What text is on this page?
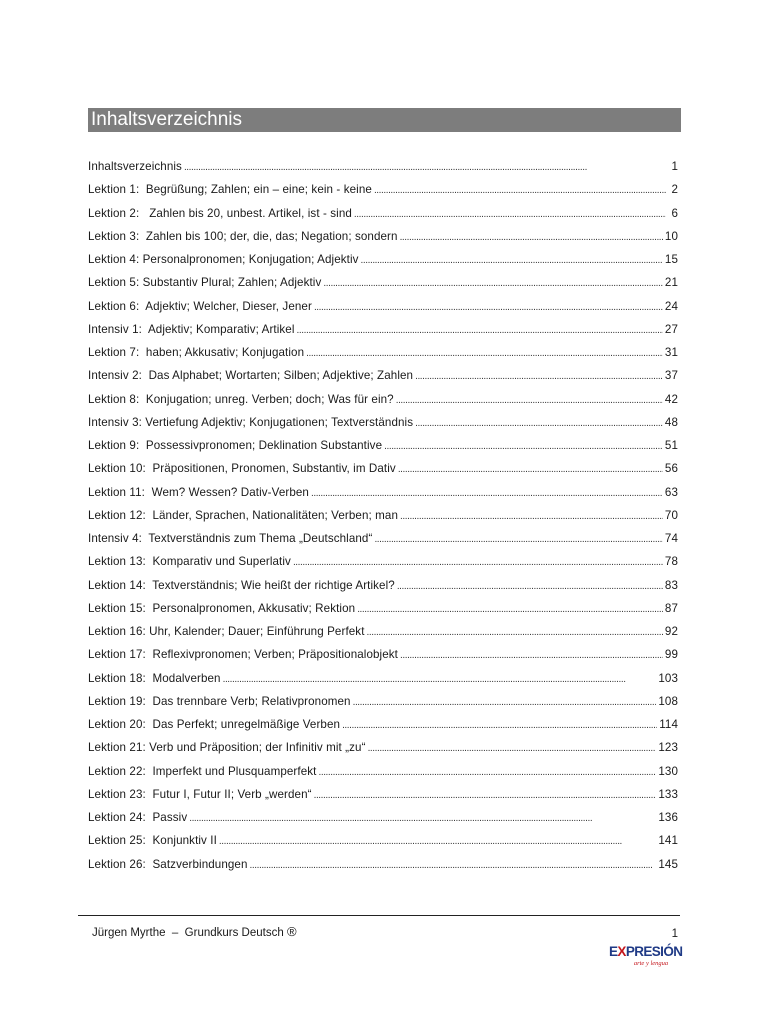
Inhaltsverzeichnis
Inhaltsverzeichnis . . .	1
Lektion 1:  Begrüßung; Zahlen; ein – eine; kein - keine . . .	2
Lektion 2:   Zahlen bis 20, unbest. Artikel, ist - sind . . .	6
Lektion 3:  Zahlen bis 100; der, die, das; Negation; sondern . . .	10
Lektion 4: Personalpronomen; Konjugation; Adjektiv . . .	15
Lektion 5: Substantiv Plural; Zahlen; Adjektiv . . .	21
Lektion 6:  Adjektiv; Welcher, Dieser, Jener . . .	24
Intensiv 1:  Adjektiv; Komparativ; Artikel . . .	27
Lektion 7:  haben; Akkusativ; Konjugation . . .	31
Intensiv 2:  Das Alphabet; Wortarten; Silben; Adjektive; Zahlen . . .	37
Lektion 8:  Konjugation; unreg. Verben; doch; Was für ein? . . .	42
Intensiv 3: Vertiefung Adjektiv; Konjugationen; Textverständnis . . .	48
Lektion 9:  Possessivpronomen; Deklination Substantive . . .	51
Lektion 10:  Präpositionen, Pronomen, Substantiv, im Dativ . . .	56
Lektion 11:  Wem? Wessen? Dativ-Verben . . .	63
Lektion 12:  Länder, Sprachen, Nationalitäten; Verben; man . . .	70
Intensiv 4:  Textverständnis zum Thema „Deutschland“ . . .	74
Lektion 13:  Komparativ und Superlativ . . .	78
Lektion 14:  Textverständnis; Wie heißt der richtige Artikel? . . .	83
Lektion 15:  Personalpronomen, Akkusativ; Rektion . . .	87
Lektion 16: Uhr, Kalender; Dauer; Einführung Perfekt . . .	92
Lektion 17:  Reflexivpronomen; Verben; Präpositionalobjekt . . .	99
Lektion 18:  Modalverben . . .	103
Lektion 19:  Das trennbare Verb; Relativpronomen . . .	108
Lektion 20:  Das Perfekt; unregelmäßige Verben . . .	114
Lektion 21: Verb und Präposition; der Infinitiv mit „zu“ . . .	123
Lektion 22:  Imperfekt und Plusquamperfekt . . .	130
Lektion 23:  Futur I, Futur II; Verb „werden“ . . .	133
Lektion 24:  Passiv . . .	136
Lektion 25:  Konjunktiv II . . .	141
Lektion 26:  Satzverbindungen . . .	145
Jürgen Myrthe  –  Grundkurs Deutsch ®	1
EXPRESIÓN
arte y lengua
